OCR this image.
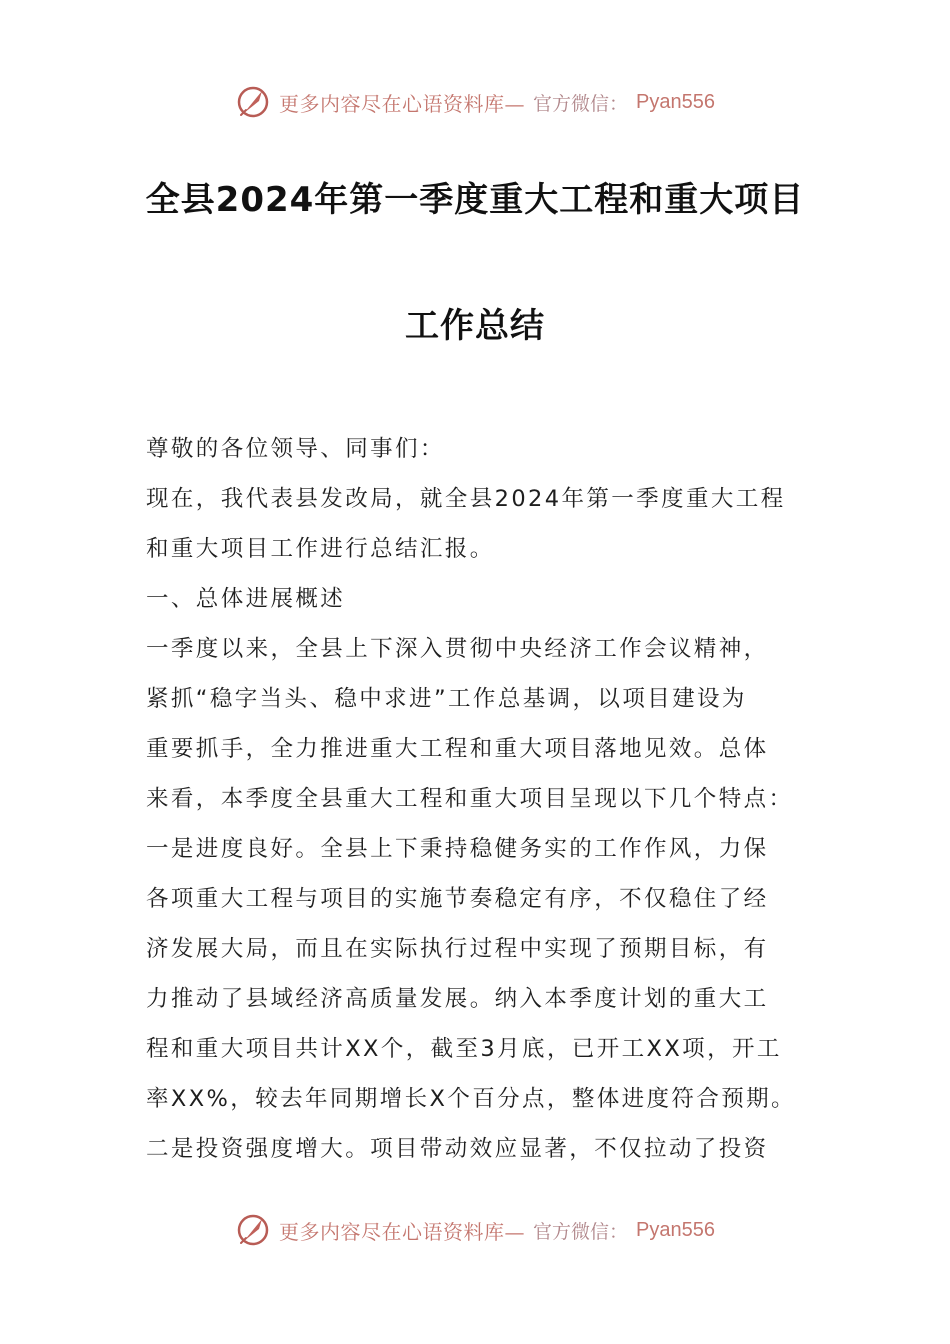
更多内容尽在心语资料库— 官方微信： Pyan556
全县2024年第一季度重大工程和重大项目
工作总结
尊敬的各位领导、同事们：
现在，我代表县发改局，就全县2024年第一季度重大工程
和重大项目工作进行总结汇报。
一、总体进展概述
一季度以来，全县上下深入贯彻中央经济工作会议精神，
紧抓“稳字当头、稳中求进”工作总基调，以项目建设为
重要抓手，全力推进重大工程和重大项目落地见效。总体
来看，本季度全县重大工程和重大项目呈现以下几个特点：
一是进度良好。全县上下秉持稳健务实的工作作风，力保
各项重大工程与项目的实施节奏稳定有序，不仅稳住了经
济发展大局，而且在实际执行过程中实现了预期目标，有
力推动了县域经济高质量发展。纳入本季度计划的重大工
程和重大项目共计XX个，截至3月底，已开工XX项，开工
率XX%，较去年同期增长X个百分点，整体进度符合预期。
二是投资强度增大。项目带动效应显著，不仅拉动了投资
更多内容尽在心语资料库— 官方微信： Pyan556
